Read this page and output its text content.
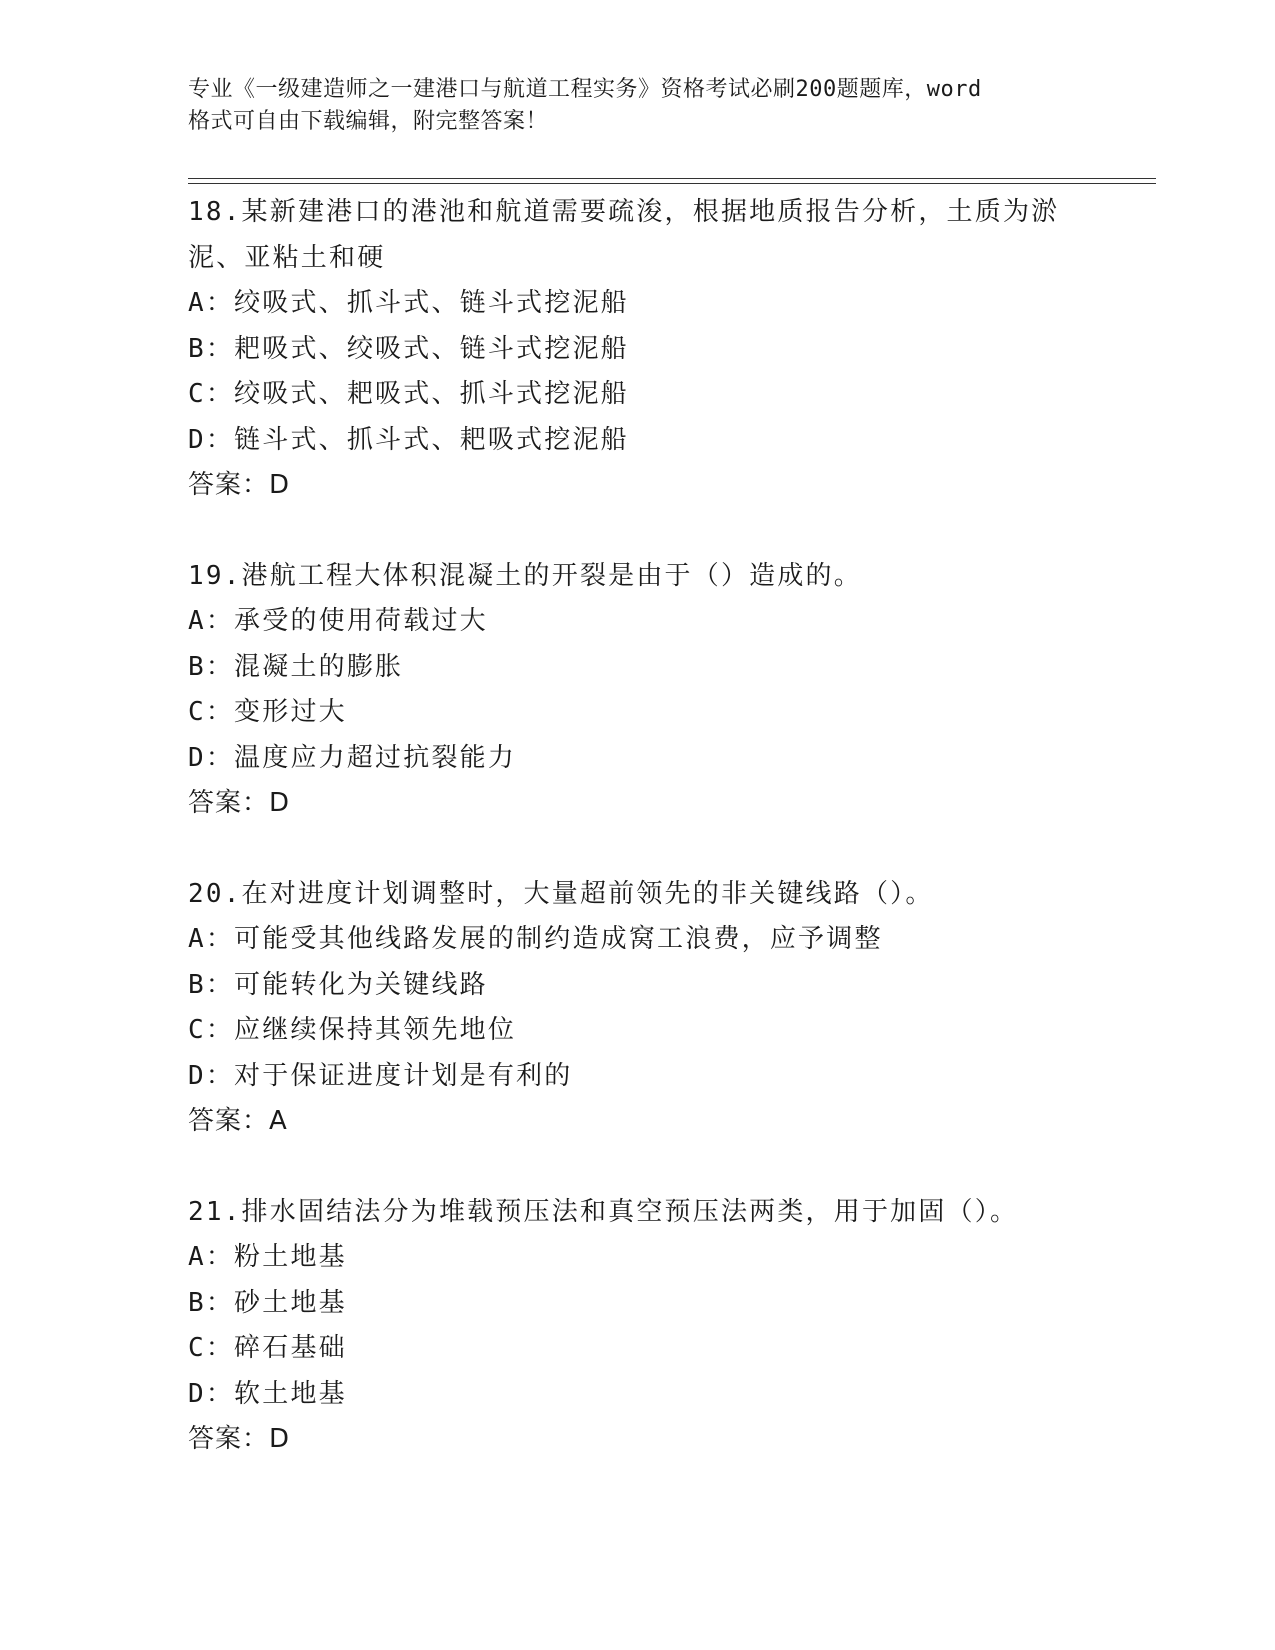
专业《一级建造师之一建港口与航道工程实务》资格考试必刷200题题库，word
格式可自由下载编辑，附完整答案！
18.某新建港口的港池和航道需要疏浚，根据地质报告分析，土质为淤
泥、亚粘土和硬
A：绞吸式、抓斗式、链斗式挖泥船
B：耙吸式、绞吸式、链斗式挖泥船
C：绞吸式、耙吸式、抓斗式挖泥船
D：链斗式、抓斗式、耙吸式挖泥船
答案：D
19.港航工程大体积混凝土的开裂是由于（）造成的。
A：承受的使用荷载过大
B：混凝土的膨胀
C：变形过大
D：温度应力超过抗裂能力
答案：D
20.在对进度计划调整时，大量超前领先的非关键线路（）。
A：可能受其他线路发展的制约造成窝工浪费，应予调整
B：可能转化为关键线路
C：应继续保持其领先地位
D：对于保证进度计划是有利的
答案：A
21.排水固结法分为堆载预压法和真空预压法两类，用于加固（）。
A：粉土地基
B：砂土地基
C：碎石基础
D：软土地基
答案：D
